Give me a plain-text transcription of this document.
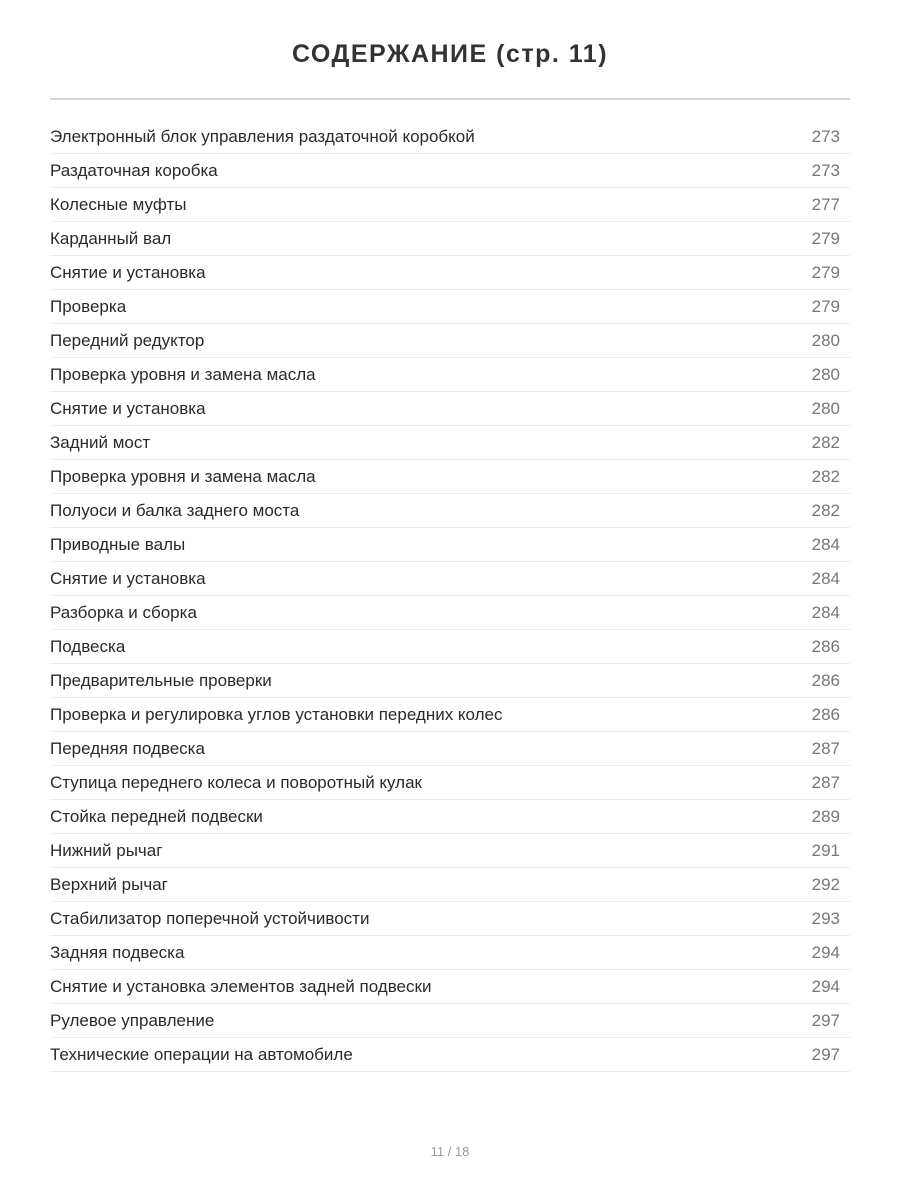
СОДЕРЖАНИЕ (стр. 11)
Электронный блок управления раздаточной коробкой	273
Раздаточная коробка	273
Колесные муфты	277
Карданный вал	279
Снятие и установка	279
Проверка	279
Передний редуктор	280
Проверка уровня и замена масла	280
Снятие и установка	280
Задний мост	282
Проверка уровня и замена масла	282
Полуоси и балка заднего моста	282
Приводные валы	284
Снятие и установка	284
Разборка и сборка	284
Подвеска	286
Предварительные проверки	286
Проверка и регулировка углов установки передних колес	286
Передняя подвеска	287
Ступица переднего колеса и поворотный кулак	287
Стойка передней подвески	289
Нижний рычаг	291
Верхний рычаг	292
Стабилизатор поперечной устойчивости	293
Задняя подвеска	294
Снятие и установка элементов задней подвески	294
Рулевое управление	297
Технические операции на автомобиле	297
11 / 18
